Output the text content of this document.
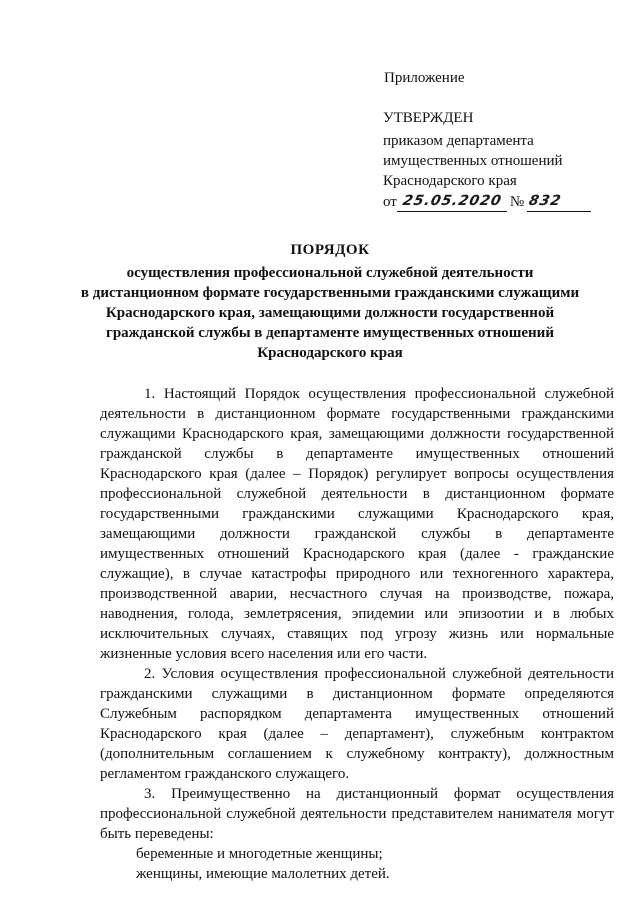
Приложение
УТВЕРЖДЕН
приказом департамента
имущественных отношений
Краснодарского края
от 25.05.2020 № 832
ПОРЯДОК
осуществления профессиональной служебной деятельности
в дистанционном формате государственными гражданскими служащими
Краснодарского края, замещающими должности государственной
гражданской службы в департаменте имущественных отношений
Краснодарского края

1. Настоящий Порядок осуществления профессиональной служебной деятельности в дистанционном формате государственными гражданскими служащими Краснодарского края, замещающими должности государственной гражданской службы в департаменте имущественных отношений Краснодарского края (далее – Порядок) регулирует вопросы осуществления профессиональной служебной деятельности в дистанционном формате государственными гражданскими служащими Краснодарского края, замещающими должности гражданской службы в департаменте имущественных отношений Краснодарского края (далее - гражданские служащие), в случае катастрофы природного или техногенного характера, производственной аварии, несчастного случая на производстве, пожара, наводнения, голода, землетрясения, эпидемии или эпизоотии и в любых исключительных случаях, ставящих под угрозу жизнь или нормальные жизненные условия всего населения или его части.

2. Условия осуществления профессиональной служебной деятельности гражданскими служащими в дистанционном формате определяются Служебным распорядком департамента имущественных отношений Краснодарского края (далее – департамент), служебным контрактом (дополнительным соглашением к служебному контракту), должностным регламентом гражданского служащего.

3. Преимущественно на дистанционный формат осуществления профессиональной служебной деятельности представителем нанимателя могут быть переведены:

беременные и многодетные женщины;

женщины, имеющие малолетних детей.
